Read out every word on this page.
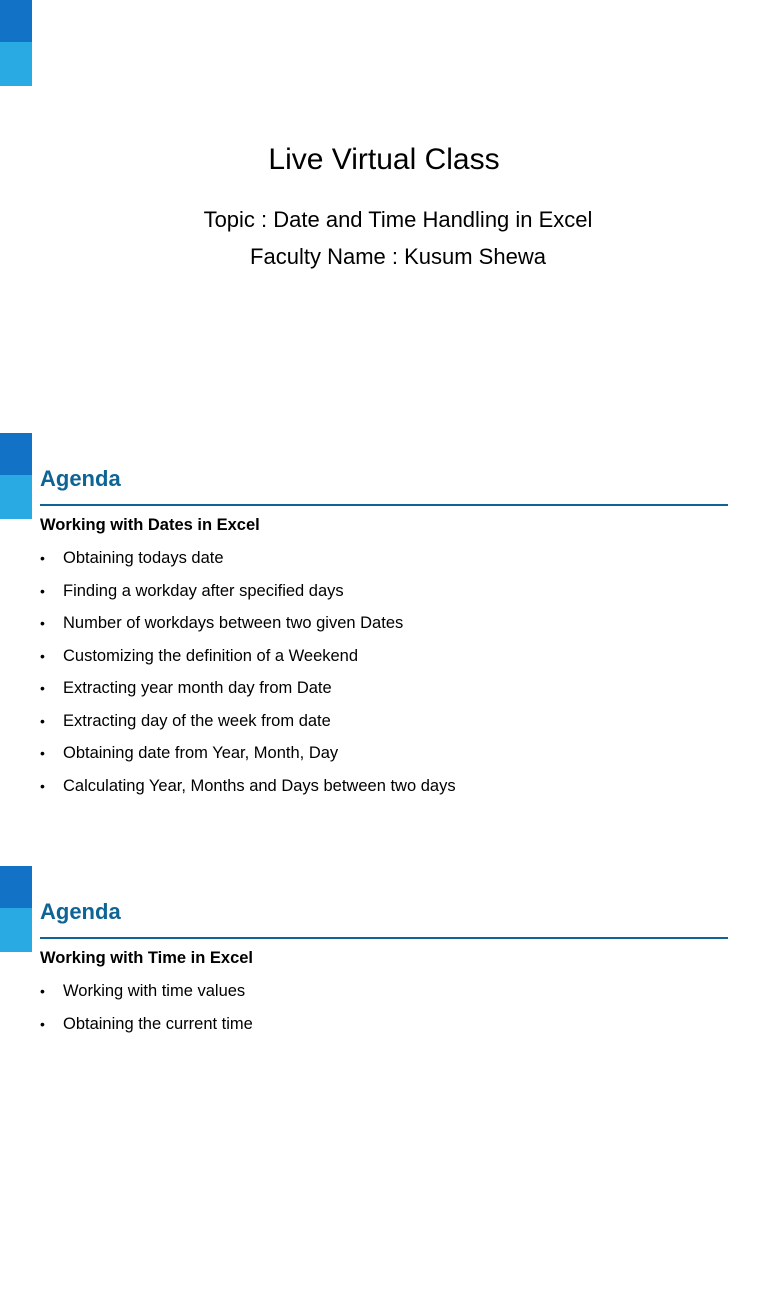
Live Virtual Class

Topic : Date and Time Handling in Excel

Faculty Name : Kusum Shewa

Agenda

Working with Dates in Excel

•	Obtaining todays date
•	Finding a workday after specified days
•	Number of workdays between two given Dates
•	Customizing the definition of a Weekend
•	Extracting year month day from Date
•	Extracting day of the week from date
•	Obtaining date from Year, Month, Day
•	Calculating Year, Months and Days between two days
Agenda

Working with Time in Excel

•	Working with time values
•	Obtaining the current time
